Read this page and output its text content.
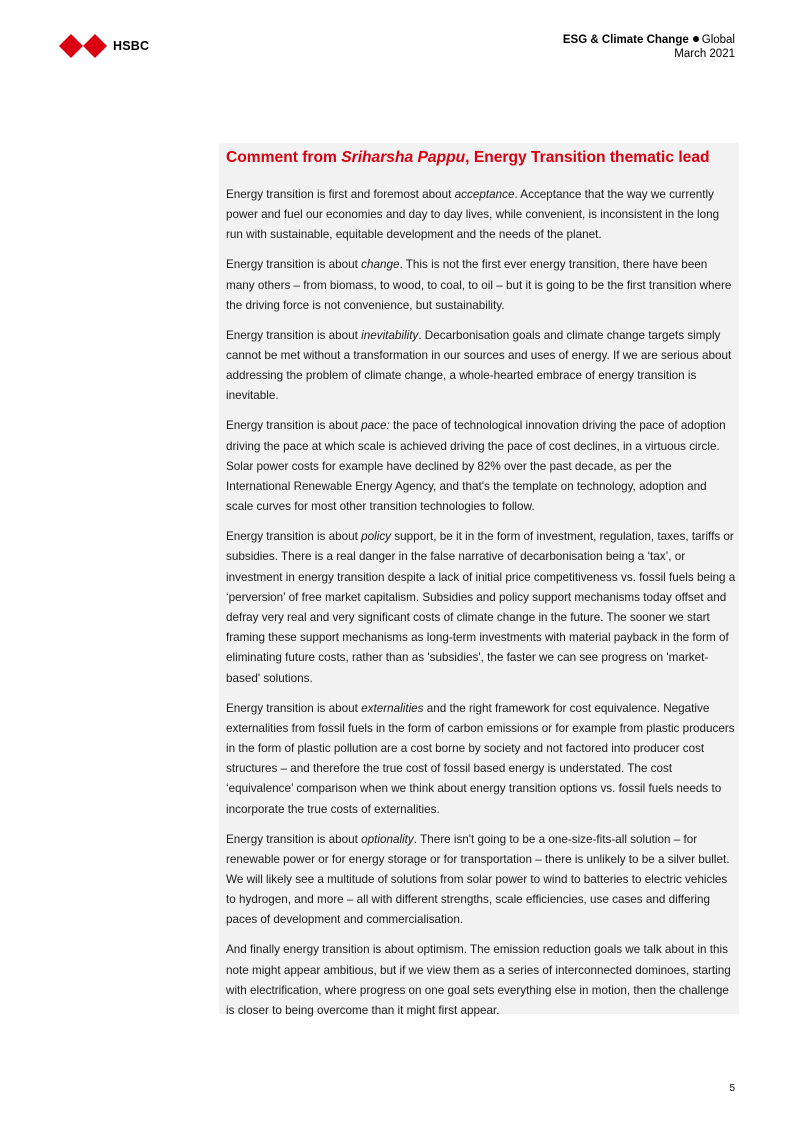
HSBC	ESG & Climate Change Global
March 2021
Comment from Sriharsha Pappu, Energy Transition thematic lead

Energy transition is first and foremost about acceptance. Acceptance that the way we currently power and fuel our economies and day to day lives, while convenient, is inconsistent in the long run with sustainable, equitable development and the needs of the planet.

Energy transition is about change. This is not the first ever energy transition, there have been many others – from biomass, to wood, to coal, to oil – but it is going to be the first transition where the driving force is not convenience, but sustainability.

Energy transition is about inevitability. Decarbonisation goals and climate change targets simply cannot be met without a transformation in our sources and uses of energy. If we are serious about addressing the problem of climate change, a whole-hearted embrace of energy transition is inevitable.

Energy transition is about pace: the pace of technological innovation driving the pace of adoption driving the pace at which scale is achieved driving the pace of cost declines, in a virtuous circle. Solar power costs for example have declined by 82% over the past decade, as per the International Renewable Energy Agency, and that's the template on technology, adoption and scale curves for most other transition technologies to follow.

Energy transition is about policy support, be it in the form of investment, regulation, taxes, tariffs or subsidies. There is a real danger in the false narrative of decarbonisation being a ‘tax’, or investment in energy transition despite a lack of initial price competitiveness vs. fossil fuels being a ‘perversion’ of free market capitalism. Subsidies and policy support mechanisms today offset and defray very real and very significant costs of climate change in the future. The sooner we start framing these support mechanisms as long-term investments with material payback in the form of eliminating future costs, rather than as 'subsidies', the faster we can see progress on 'market-based' solutions.

Energy transition is about externalities and the right framework for cost equivalence. Negative externalities from fossil fuels in the form of carbon emissions or for example from plastic producers in the form of plastic pollution are a cost borne by society and not factored into producer cost structures – and therefore the true cost of fossil based energy is understated. The cost ‘equivalence’ comparison when we think about energy transition options vs. fossil fuels needs to incorporate the true costs of externalities.

Energy transition is about optionality. There isn't going to be a one-size-fits-all solution – for renewable power or for energy storage or for transportation – there is unlikely to be a silver bullet. We will likely see a multitude of solutions from solar power to wind to batteries to electric vehicles to hydrogen, and more – all with different strengths, scale efficiencies, use cases and differing paces of development and commercialisation.

And finally energy transition is about optimism. The emission reduction goals we talk about in this note might appear ambitious, but if we view them as a series of interconnected dominoes, starting with electrification, where progress on one goal sets everything else in motion, then the challenge is closer to being overcome than it might first appear.

5
